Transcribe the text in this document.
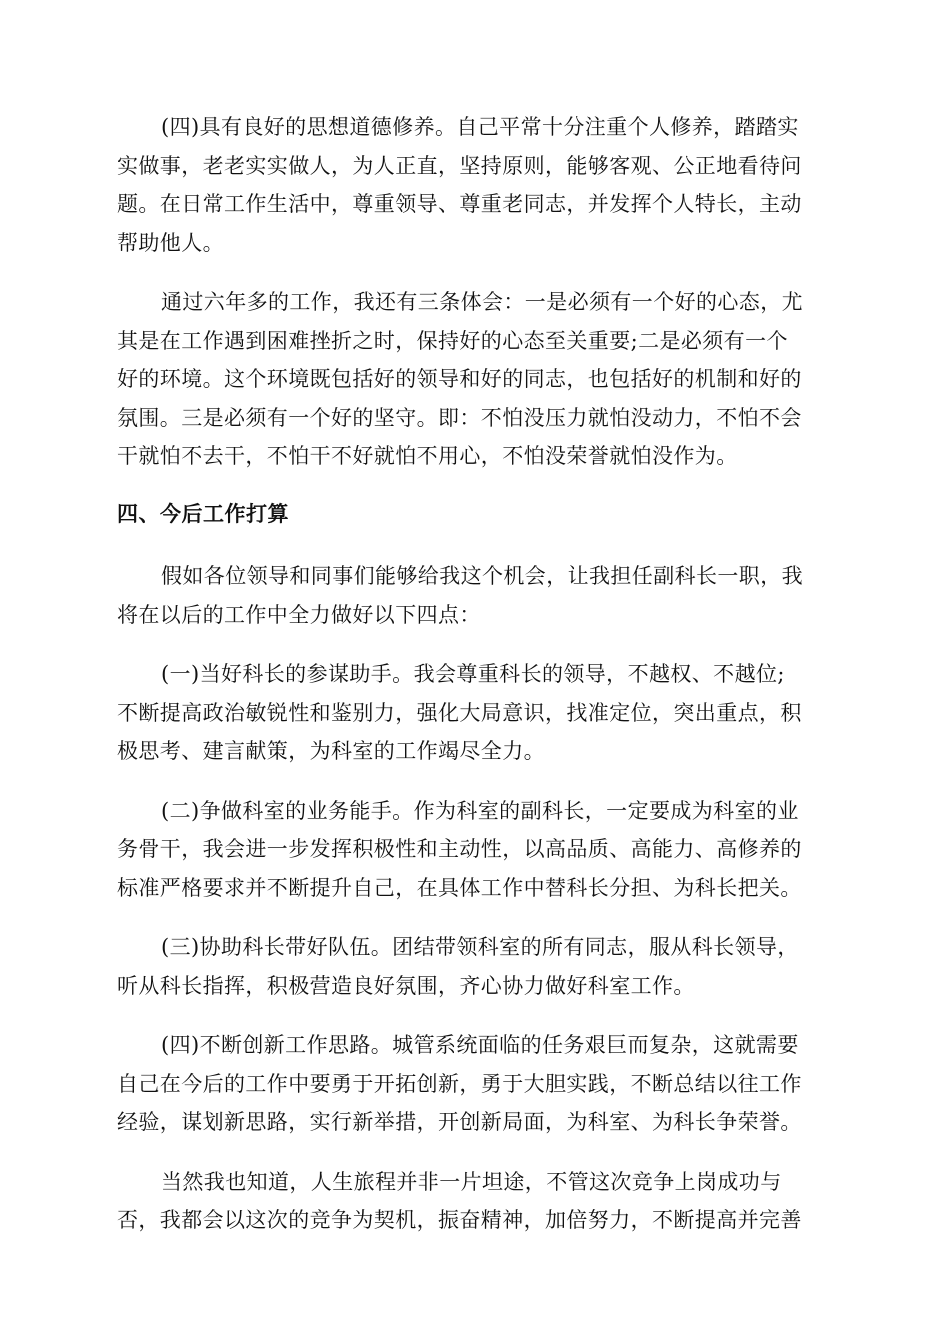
(四)具有良好的思想道德修养。自己平常十分注重个人修养，踏踏实
实做事，老老实实做人，为人正直，坚持原则，能够客观、公正地看待问
题。在日常工作生活中，尊重领导、尊重老同志，并发挥个人特长，主动
帮助他人。

通过六年多的工作，我还有三条体会：一是必须有一个好的心态，尤
其是在工作遇到困难挫折之时，保持好的心态至关重要;二是必须有一个
好的环境。这个环境既包括好的领导和好的同志，也包括好的机制和好的
氛围。三是必须有一个好的坚守。即：不怕没压力就怕没动力，不怕不会
干就怕不去干，不怕干不好就怕不用心，不怕没荣誉就怕没作为。

四、今后工作打算

假如各位领导和同事们能够给我这个机会，让我担任副科长一职，我
将在以后的工作中全力做好以下四点：

(一)当好科长的参谋助手。我会尊重科长的领导，不越权、不越位;
不断提高政治敏锐性和鉴别力，强化大局意识，找准定位，突出重点，积
极思考、建言献策，为科室的工作竭尽全力。

(二)争做科室的业务能手。作为科室的副科长，一定要成为科室的业
务骨干，我会进一步发挥积极性和主动性，以高品质、高能力、高修养的
标准严格要求并不断提升自己，在具体工作中替科长分担、为科长把关。

(三)协助科长带好队伍。团结带领科室的所有同志，服从科长领导，
听从科长指挥，积极营造良好氛围，齐心协力做好科室工作。

(四)不断创新工作思路。城管系统面临的任务艰巨而复杂，这就需要
自己在今后的工作中要勇于开拓创新，勇于大胆实践，不断总结以往工作
经验，谋划新思路，实行新举措，开创新局面，为科室、为科长争荣誉。

当然我也知道，人生旅程并非一片坦途，不管这次竞争上岗成功与
否，我都会以这次的竞争为契机，振奋精神，加倍努力，不断提高并完善
